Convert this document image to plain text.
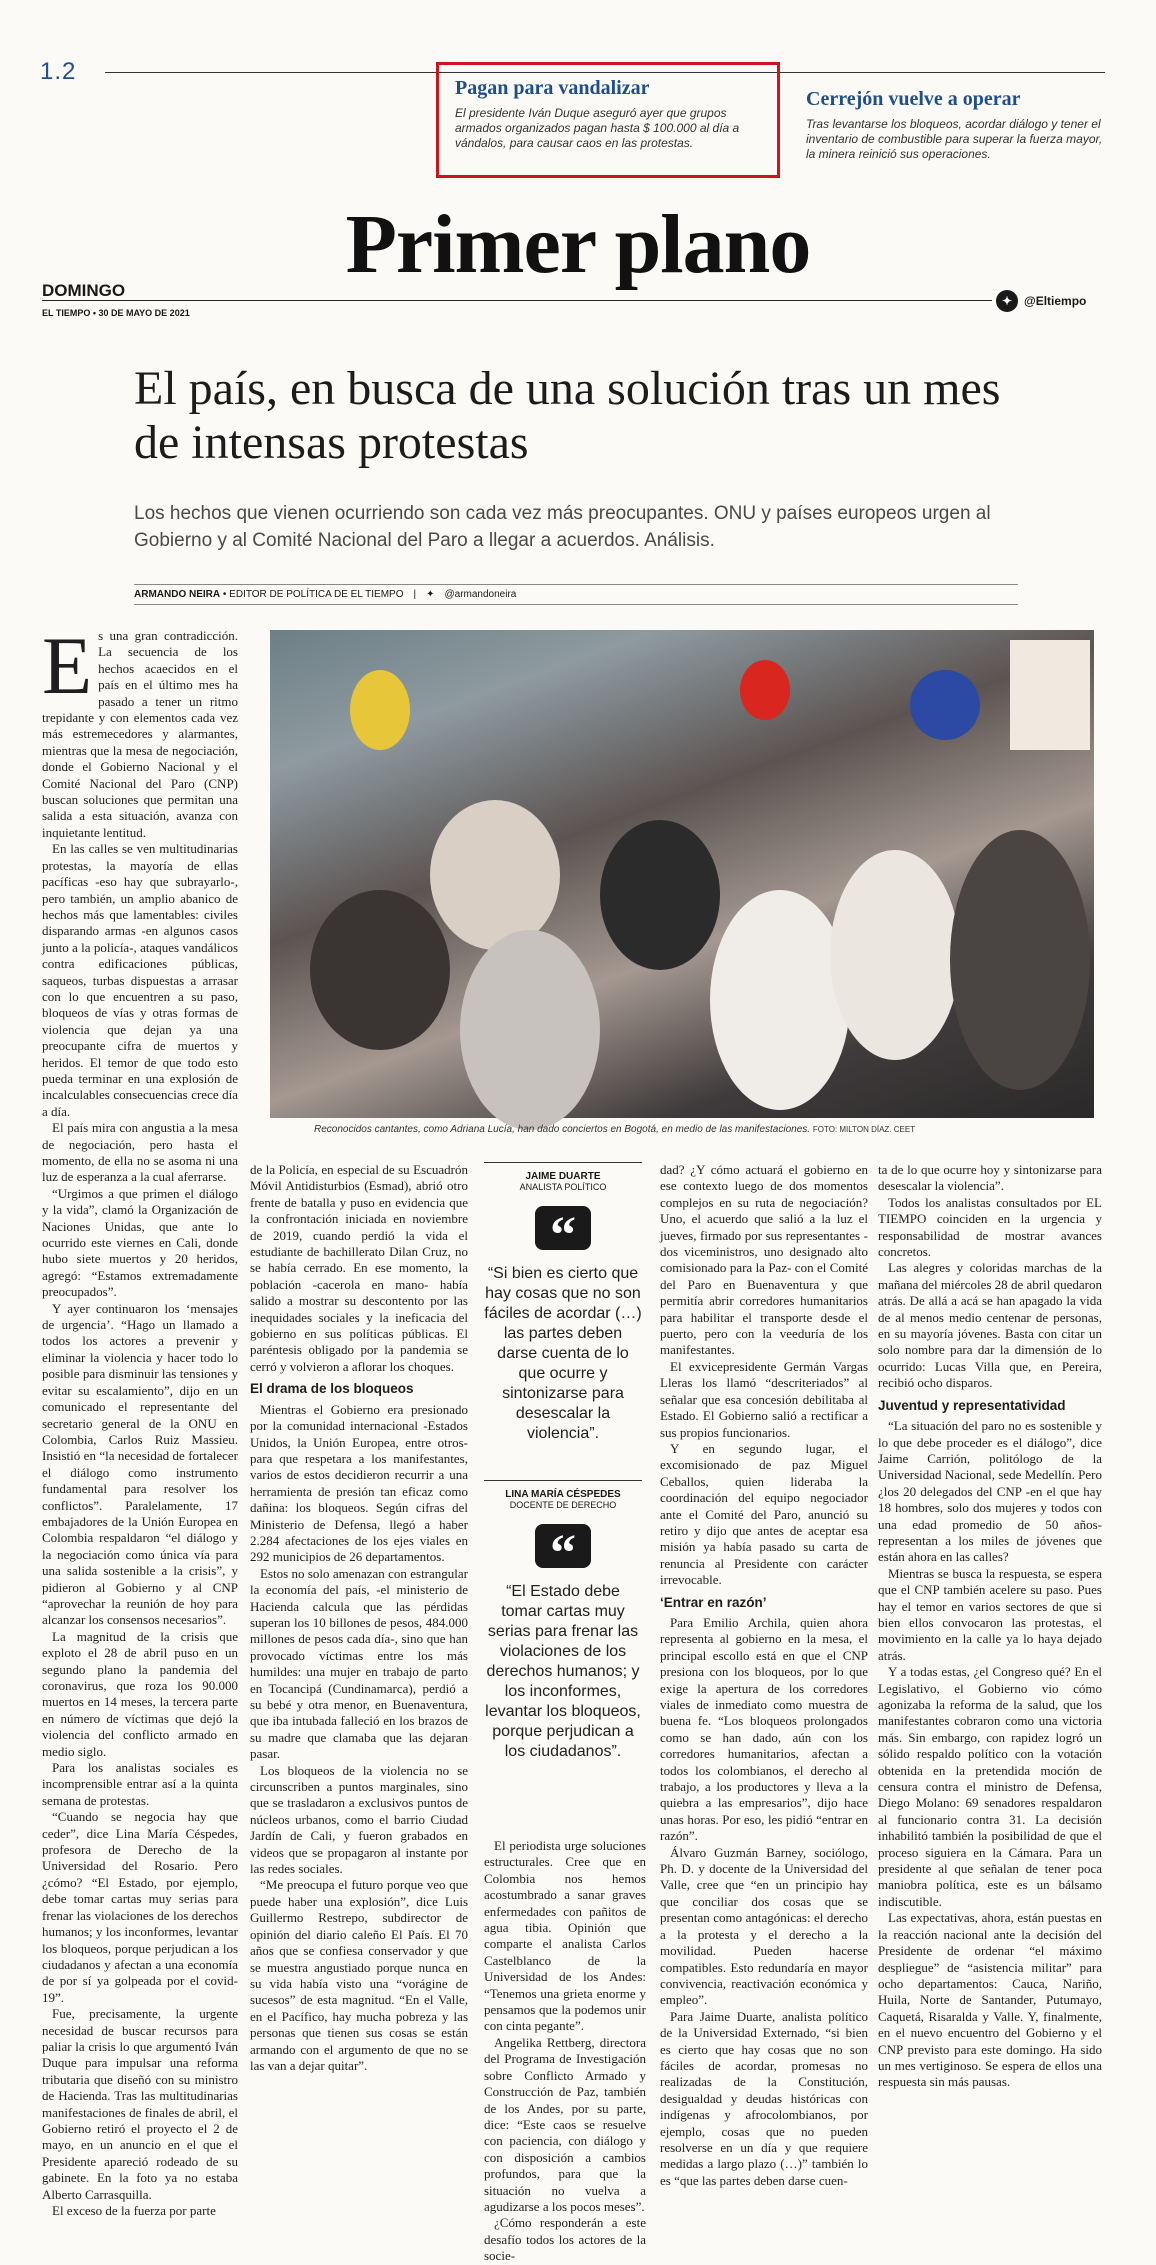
1.2
Pagan para vandalizar

El presidente Iván Duque aseguró ayer que grupos armados organizados pagan hasta $ 100.000 al día a vándalos, para causar caos en las protestas.

Cerrejón vuelve a operar

Tras levantarse los bloqueos, acordar diálogo y tener el inventario de combustible para superar la fuerza mayor, la minera reinició sus operaciones.

Primer plano
DOMINGO
EL TIEMPO • 30 DE MAYO DE 2021
✦ @Eltiempo
El país, en busca de una solución tras un mes de intensas protestas

Los hechos que vienen ocurriendo son cada vez más preocupantes. ONU y países europeos urgen al Gobierno y al Comité Nacional del Paro a llegar a acuerdos. Análisis.

ARMANDO NEIRA • EDITOR DE POLÍTICA DE EL TIEMPO | ✦ @armandoneira
E s una gran contradicción. La secuencia de los hechos acaecidos en el país en el último mes ha pasado a tener un ritmo trepidante y con elementos cada vez más estremecedores y alarmantes, mientras que la mesa de negociación, donde el Gobierno Nacional y el Comité Nacional del Paro (CNP) buscan soluciones que permitan una salida a esta situación, avanza con inquietante lentitud.

En las calles se ven multitudinarias protestas, la mayoría de ellas pacíficas -eso hay que subrayarlo-, pero también, un amplio abanico de hechos más que lamentables: civiles disparando armas -en algunos casos junto a la policía-, ataques vandálicos contra edificaciones públicas, saqueos, turbas dispuestas a arrasar con lo que encuentren a su paso, bloqueos de vías y otras formas de violencia que dejan ya una preocupante cifra de muertos y heridos. El temor de que todo esto pueda terminar en una explosión de incalculables consecuencias crece día a día.

El país mira con angustia a la mesa de negociación, pero hasta el momento, de ella no se asoma ni una luz de esperanza a la cual aferrarse.

“Urgimos a que primen el diálogo y la vida”, clamó la Organización de Naciones Unidas, que ante lo ocurrido este viernes en Cali, donde hubo siete muertos y 20 heridos, agregó: “Estamos extremadamente preocupados”.

Y ayer continuaron los ‘mensajes de urgencia’. “Hago un llamado a todos los actores a prevenir y eliminar la violencia y hacer todo lo posible para disminuir las tensiones y evitar su escalamiento”, dijo en un comunicado el representante del secretario general de la ONU en Colombia, Carlos Ruiz Massieu. Insistió en “la necesidad de fortalecer el diálogo como instrumento fundamental para resolver los conflictos”. Paralelamente, 17 embajadores de la Unión Europea en Colombia respaldaron “el diálogo y la negociación como única vía para una salida sostenible a la crisis”, y pidieron al Gobierno y al CNP “aprovechar la reunión de hoy para alcanzar los consensos necesarios”.

La magnitud de la crisis que exploto el 28 de abril puso en un segundo plano la pandemia del coronavirus, que roza los 90.000 muertos en 14 meses, la tercera parte en número de víctimas que dejó la violencia del conflicto armado en medio siglo.

Para los analistas sociales es incomprensible entrar así a la quinta semana de protestas.

“Cuando se negocia hay que ceder”, dice Lina María Céspedes, profesora de Derecho de la Universidad del Rosario. Pero ¿cómo? “El Estado, por ejemplo, debe tomar cartas muy serias para frenar las violaciones de los derechos humanos; y los inconformes, levantar los bloqueos, porque perjudican a los ciudadanos y afectan a una economía de por sí ya golpeada por el covid-19”.

Fue, precisamente, la urgente necesidad de buscar recursos para paliar la crisis lo que argumentó Iván Duque para impulsar una reforma tributaria que diseñó con su ministro de Hacienda. Tras las multitudinarias manifestaciones de finales de abril, el Gobierno retiró el proyecto el 2 de mayo, en un anuncio en el que el Presidente apareció rodeado de su gabinete. En la foto ya no estaba Alberto Carrasquilla.

El exceso de la fuerza por parte

Reconocidos cantantes, como Adriana Lucía, han dado conciertos en Bogotá, en medio de las manifestaciones. FOTO: MILTON DÍAZ. CEET

de la Policía, en especial de su Escuadrón Móvil Antidisturbios (Esmad), abrió otro frente de batalla y puso en evidencia que la confrontación iniciada en noviembre de 2019, cuando perdió la vida el estudiante de bachillerato Dilan Cruz, no se había cerrado. En ese momento, la población -cacerola en mano- había salido a mostrar su descontento por las inequidades sociales y la ineficacia del gobierno en sus políticas públicas. El paréntesis obligado por la pandemia se cerró y volvieron a aflorar los choques.

El drama de los bloqueos

Mientras el Gobierno era presionado por la comunidad internacional -Estados Unidos, la Unión Europea, entre otros- para que respetara a los manifestantes, varios de estos decidieron recurrir a una herramienta de presión tan eficaz como dañina: los bloqueos. Según cifras del Ministerio de Defensa, llegó a haber 2.284 afectaciones de los ejes viales en 292 municipios de 26 departamentos.

Estos no solo amenazan con estrangular la economía del país, -el ministerio de Hacienda calcula que las pérdidas superan los 10 billones de pesos, 484.000 millones de pesos cada día-, sino que han provocado víctimas entre los más humildes: una mujer en trabajo de parto en Tocancipá (Cundinamarca), perdió a su bebé y otra menor, en Buenaventura, que iba intubada falleció en los brazos de su madre que clamaba que las dejaran pasar.

Los bloqueos de la violencia no se circunscriben a puntos marginales, sino que se trasladaron a exclusivos puntos de núcleos urbanos, como el barrio Ciudad Jardín de Cali, y fueron grabados en videos que se propagaron al instante por las redes sociales.

“Me preocupa el futuro porque veo que puede haber una explosión”, dice Luis Guillermo Restrepo, subdirector de opinión del diario caleño El País. El 70 años que se confiesa conservador y que se muestra angustiado porque nunca en su vida había visto una “vorágine de sucesos” de esta magnitud. “En el Valle, en el Pacífico, hay mucha pobreza y las personas que tienen sus cosas se están armando con el argumento de que no se las van a dejar quitar”.

JAIME DUARTE
ANALISTA POLÍTICO
“
“Si bien es cierto que hay cosas que no son fáciles de acordar (…) las partes deben darse cuenta de lo que ocurre y sintonizarse para desescalar la violencia”.
LINA MARÍA CÉSPEDES
DOCENTE DE DERECHO
“
“El Estado debe tomar cartas muy serias para frenar las violaciones de los derechos humanos; y los inconformes, levantar los bloqueos, porque perjudican a los ciudadanos”.

El periodista urge soluciones estructurales. Cree que en Colombia nos hemos acostumbrado a sanar graves enfermedades con pañitos de agua tibia. Opinión que comparte el analista Carlos Castelblanco de la Universidad de los Andes: “Tenemos una grieta enorme y pensamos que la podemos unir con cinta pegante”.

Angelika Rettberg, directora del Programa de Investigación sobre Conflicto Armado y Construcción de Paz, también de los Andes, por su parte, dice: “Este caos se resuelve con paciencia, con diálogo y con disposición a cambios profundos, para que la situación no vuelva a agudizarse a los pocos meses”.

¿Cómo responderán a este desafío todos los actores de la socie-

dad? ¿Y cómo actuará el gobierno en ese contexto luego de dos momentos complejos en su ruta de negociación? Uno, el acuerdo que salió a la luz el jueves, firmado por sus representantes -dos viceministros, uno designado alto comisionado para la Paz- con el Comité del Paro en Buenaventura y que permitía abrir corredores humanitarios para habilitar el transporte desde el puerto, pero con la veeduría de los manifestantes.

El exvicepresidente Germán Vargas Lleras los llamó “descriteriados” al señalar que esa concesión debilitaba al Estado. El Gobierno salió a rectificar a sus propios funcionarios.

Y en segundo lugar, el excomisionado de paz Miguel Ceballos, quien lideraba la coordinación del equipo negociador ante el Comité del Paro, anunció su retiro y dijo que antes de aceptar esa misión ya había pasado su carta de renuncia al Presidente con carácter irrevocable.

‘Entrar en razón’

Para Emilio Archila, quien ahora representa al gobierno en la mesa, el principal escollo está en que el CNP presiona con los bloqueos, por lo que exige la apertura de los corredores viales de inmediato como muestra de buena fe. “Los bloqueos prolongados como se han dado, aún con los corredores humanitarios, afectan a todos los colombianos, el derecho al trabajo, a los productores y lleva a la quiebra a las empresarios”, dijo hace unas horas. Por eso, les pidió “entrar en razón”.

Álvaro Guzmán Barney, sociólogo, Ph. D. y docente de la Universidad del Valle, cree que “en un principio hay que conciliar dos cosas que se presentan como antagónicas: el derecho a la protesta y el derecho a la movilidad. Pueden hacerse compatibles. Esto redundaría en mayor convivencia, reactivación económica y empleo”.

Para Jaime Duarte, analista político de la Universidad Externado, “si bien es cierto que hay cosas que no son fáciles de acordar, promesas no realizadas de la Constitución, desigualdad y deudas históricas con indígenas y afrocolombianos, por ejemplo, cosas que no pueden resolverse en un día y que requiere medidas a largo plazo (…)” también lo es “que las partes deben darse cuen-

ta de lo que ocurre hoy y sintonizarse para desescalar la violencia”.

Todos los analistas consultados por EL TIEMPO coinciden en la urgencia y responsabilidad de mostrar avances concretos.

Las alegres y coloridas marchas de la mañana del miércoles 28 de abril quedaron atrás. De allá a acá se han apagado la vida de al menos medio centenar de personas, en su mayoría jóvenes. Basta con citar un solo nombre para dar la dimensión de lo ocurrido: Lucas Villa que, en Pereira, recibió ocho disparos.

Juventud y representatividad

“La situación del paro no es sostenible y lo que debe proceder es el diálogo”, dice Jaime Carrión, politólogo de la Universidad Nacional, sede Medellín. Pero ¿los 20 delegados del CNP -en el que hay 18 hombres, solo dos mujeres y todos con una edad promedio de 50 años- representan a los miles de jóvenes que están ahora en las calles?

Mientras se busca la respuesta, se espera que el CNP también acelere su paso. Pues hay el temor en varios sectores de que si bien ellos convocaron las protestas, el movimiento en la calle ya lo haya dejado atrás.

Y a todas estas, ¿el Congreso qué? En el Legislativo, el Gobierno vio cómo agonizaba la reforma de la salud, que los manifestantes cobraron como una victoria más. Sin embargo, con rapidez logró un sólido respaldo político con la votación obtenida en la pretendida moción de censura contra el ministro de Defensa, Diego Molano: 69 senadores respaldaron al funcionario contra 31. La decisión inhabilitó también la posibilidad de que el proceso siguiera en la Cámara. Para un presidente al que señalan de tener poca maniobra política, este es un bálsamo indiscutible.

Las expectativas, ahora, están puestas en la reacción nacional ante la decisión del Presidente de ordenar “el máximo despliegue” de “asistencia militar” para ocho departamentos: Cauca, Nariño, Huila, Norte de Santander, Putumayo, Caquetá, Risaralda y Valle. Y, finalmente, en el nuevo encuentro del Gobierno y el CNP previsto para este domingo. Ha sido un mes vertiginoso. Se espera de ellos una respuesta sin más pausas.
